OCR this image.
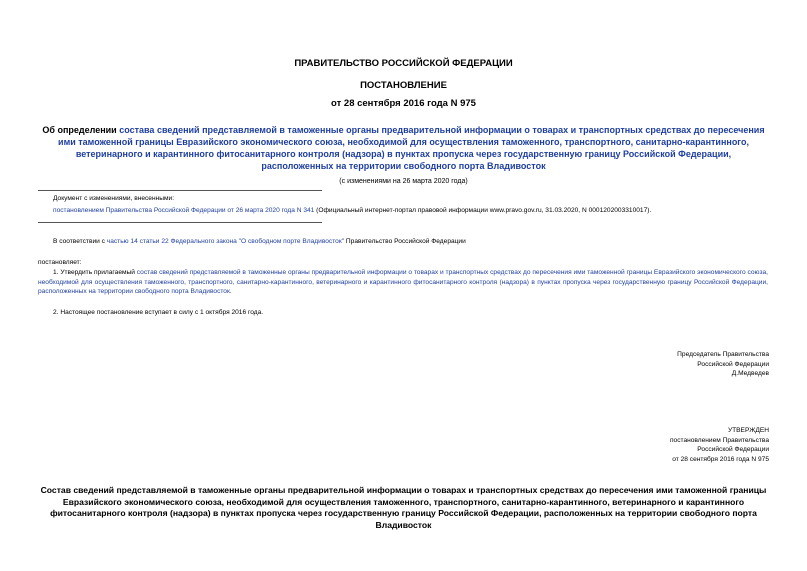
ПРАВИТЕЛЬСТВО РОССИЙСКОЙ ФЕДЕРАЦИИ
ПОСТАНОВЛЕНИЕ
от 28 сентября 2016 года N 975
Об определении состава сведений представляемой в таможенные органы предварительной информации о товарах и транспортных средствах до пересечения ими таможенной границы Евразийского экономического союза, необходимой для осуществления таможенного, транспортного, санитарно-карантинного, ветеринарного и карантинного фитосанитарного контроля (надзора) в пунктах пропуска через государственную границу Российской Федерации, расположенных на территории свободного порта Владивосток
(с изменениями на 26 марта 2020 года)
Документ с изменениями, внесенными:
постановлением Правительства Российской Федерации от 26 марта 2020 года N 341 (Официальный интернет-портал правовой информации www.pravo.gov.ru, 31.03.2020, N 0001202003310017).
В соответствии с частью 14 статьи 22 Федерального закона "О свободном порте Владивосток" Правительство Российской Федерации
постановляет:
1. Утвердить прилагаемый состав сведений представляемой в таможенные органы предварительной информации о товарах и транспортных средствах до пересечения ими таможенной границы Евразийского экономического союза, необходимой для осуществления таможенного, транспортного, санитарно-карантинного, ветеринарного и карантинного фитосанитарного контроля (надзора) в пунктах пропуска через государственную границу Российской Федерации, расположенных на территории свободного порта Владивосток.
2. Настоящее постановление вступает в силу с 1 октября 2016 года.
Председатель Правительства
Российской Федерации
Д.Медведев
УТВЕРЖДЕН
постановлением Правительства
Российской Федерации
от 28 сентября 2016 года N 975
Состав сведений представляемой в таможенные органы предварительной информации о товарах и транспортных средствах до пересечения ими таможенной границы Евразийского экономического союза, необходимой для осуществления таможенного, транспортного, санитарно-карантинного, ветеринарного и карантинного фитосанитарного контроля (надзора) в пунктах пропуска через государственную границу Российской Федерации, расположенных на территории свободного порта Владивосток
